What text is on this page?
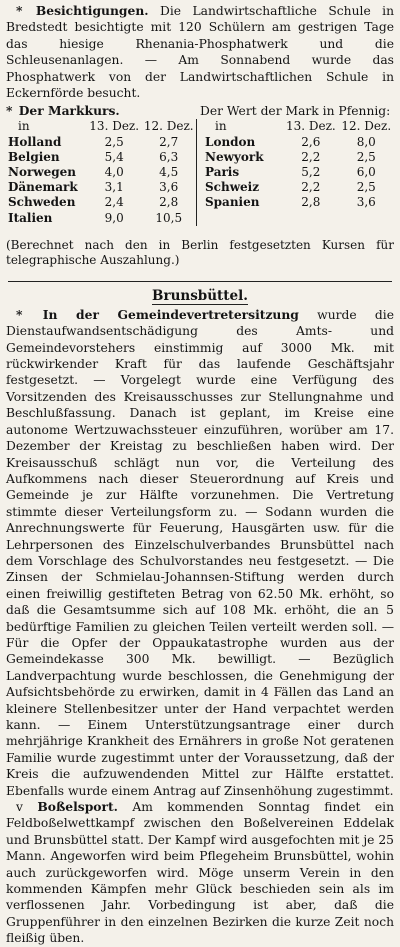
* Besichtigungen. Die Landwirtschaftliche Schule in Bredstedt besichtigte mit 120 Schülern am gestrigen Tage das hiesige Rhenania-Phosphatwerk und die Schleusenanlagen. — Am Sonnabend wurde das Phosphatwerk von der Landwirtschaftlichen Schule in Eckernförde besucht.

* Der Markkurs.	Der Wert der Mark in Pfennig:
in	13. Dez.	12. Dez.
Holland	2,5	2,7
Belgien	5,4	6,3
Norwegen	4,0	4,5
Dänemark	3,1	3,6
Schweden	2,4	2,8
Italien	9,0	10,5
in	13. Dez.	12. Dez.
London	2,6	8,0
Newyork	2,2	2,5
Paris	5,2	6,0
Schweiz	2,2	2,5
Spanien	2,8	3,6

(Berechnet nach den in Berlin festgesetzten Kursen für telegraphische Auszahlung.)

Brunsbüttel.

* In der Gemeindevertretersitzung wurde die Dienstaufwandsentschädigung des Amts- und Gemeindevorstehers einstimmig auf 3000 Mk. mit rückwirkender Kraft für das laufende Geschäftsjahr festgesetzt. — Vorgelegt wurde eine Verfügung des Vorsitzenden des Kreisausschusses zur Stellungnahme und Beschlußfassung. Danach ist geplant, im Kreise eine autonome Wertzuwachssteuer einzuführen, worüber am 17. Dezember der Kreistag zu beschließen haben wird. Der Kreisausschuß schlägt nun vor, die Verteilung des Aufkommens nach dieser Steuerordnung auf Kreis und Gemeinde je zur Hälfte vorzunehmen. Die Vertretung stimmte dieser Verteilungsform zu. — Sodann wurden die Anrechnungswerte für Feuerung, Hausgärten usw. für die Lehrpersonen des Einzelschulverbandes Brunsbüttel nach dem Vorschlage des Schulvorstandes neu festgesetzt. — Die Zinsen der Schmielau-Johannsen-Stiftung werden durch einen freiwillig gestifteten Betrag von 62.50 Mk. erhöht, so daß die Gesamtsumme sich auf 108 Mk. erhöht, die an 5 bedürftige Familien zu gleichen Teilen verteilt werden soll. — Für die Opfer der Oppaukatastrophe wurden aus der Gemeindekasse 300 Mk. bewilligt. — Bezüglich Landverpachtung wurde beschlossen, die Genehmigung der Aufsichtsbehörde zu erwirken, damit in 4 Fällen das Land an kleinere Stellenbesitzer unter der Hand verpachtet werden kann. — Einem Unterstützungsantrage einer durch mehrjährige Krankheit des Ernährers in große Not geratenen Familie wurde zugestimmt unter der Voraussetzung, daß der Kreis die aufzuwendenden Mittel zur Hälfte erstattet. Ebenfalls wurde einem Antrag auf Zinsenhöhung zugestimmt.

v Boßelsport. Am kommenden Sonntag findet ein Feldboßelwettkampf zwischen den Boßelvereinen Eddelak und Brunsbüttel statt. Der Kampf wird ausgefochten mit je 25 Mann. Angeworfen wird beim Pflegeheim Brunsbüttel, wohin auch zurückgeworfen wird. Möge unserm Verein in den kommenden Kämpfen mehr Glück beschieden sein als im verflossenen Jahr. Vorbedingung ist aber, daß die Gruppenführer in den einzelnen Bezirken die kurze Zeit noch fleißig üben.
